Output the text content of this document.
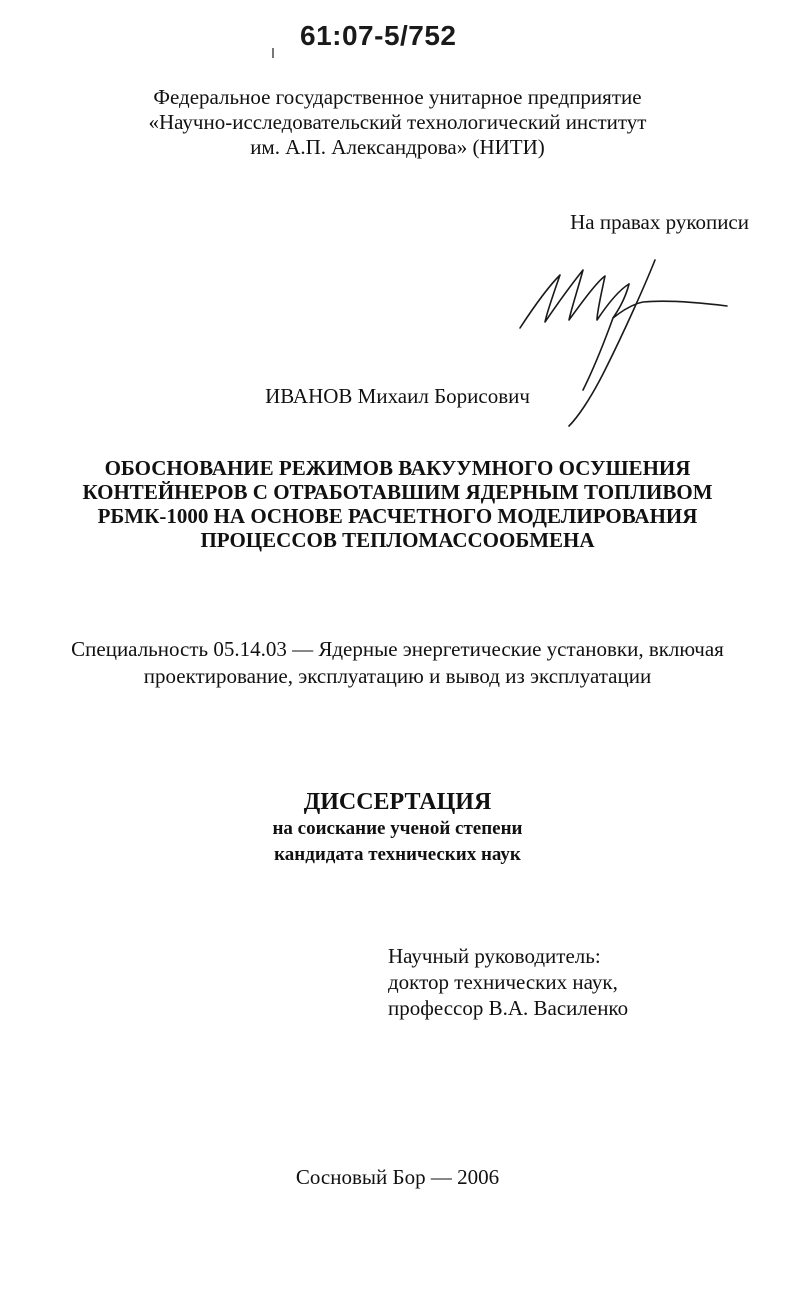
61:07-5/752
Федеральное государственное унитарное предприятие
«Научно-исследовательский технологический институт
им. А.П. Александрова» (НИТИ)
На правах рукописи
ИВАНОВ Михаил Борисович
ОБОСНОВАНИЕ РЕЖИМОВ ВАКУУМНОГО ОСУШЕНИЯ
КОНТЕЙНЕРОВ С ОТРАБОТАВШИМ ЯДЕРНЫМ ТОПЛИВОМ
РБМК-1000 НА ОСНОВЕ РАСЧЕТНОГО МОДЕЛИРОВАНИЯ
ПРОЦЕССОВ ТЕПЛОМАССООБМЕНА
Специальность 05.14.03 — Ядерные энергетические установки, включая
проектирование, эксплуатацию и вывод из эксплуатации
ДИССЕРТАЦИЯ
на соискание ученой степени
кандидата технических наук
Научный руководитель:
доктор технических наук,
профессор В.А. Василенко
Сосновый Бор — 2006
